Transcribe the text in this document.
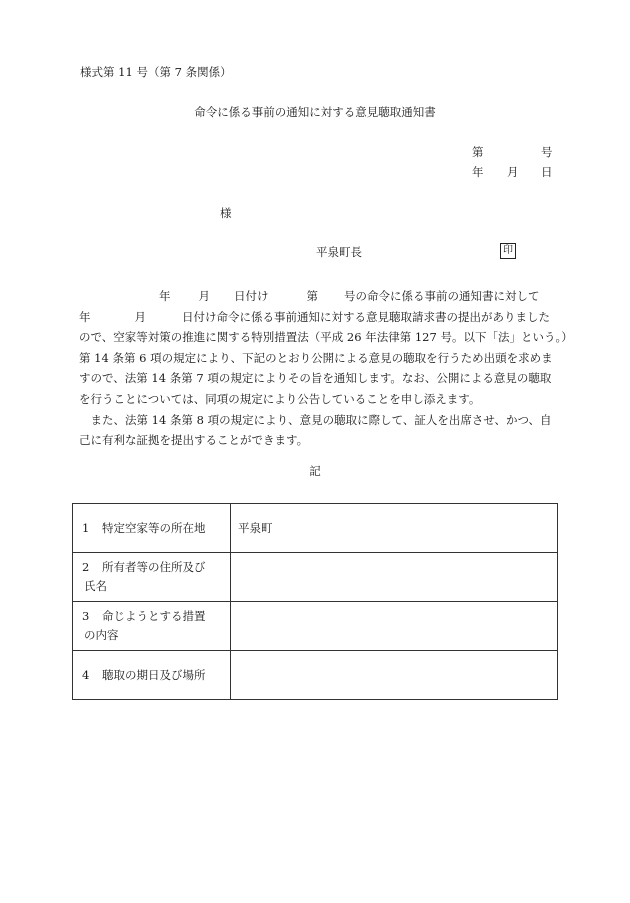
様式第 11 号（第 7 条関係）
命令に係る事前の通知に対する意見聴取通知書
第	号
年 月 日
様
平泉町長	印
年 月 日付け	第 号の命令に係る事前の通知書に対して
年	月	日付け命令に係る事前通知に対する意見聴取請求書の提出がありました
ので、空家等対策の推進に関する特別措置法（平成 26 年法律第 127 号。以下「法」という。）
第 14 条第 6 項の規定により、下記のとおり公開による意見の聴取を行うため出頭を求めま
すので、法第 14 条第 7 項の規定によりその旨を通知します。なお、公開による意見の聴取
を行うことについては、同項の規定により公告していることを申し添えます。
　また、法第 14 条第 8 項の規定により、意見の聴取に際して、証人を出席させ、かつ、自
己に有利な証拠を提出することができます。
記
1 特定空家等の所在地	平泉町
2 所有者等の住所及び
氏名	
3 命じようとする措置
の内容	
4 聴取の期日及び場所	
